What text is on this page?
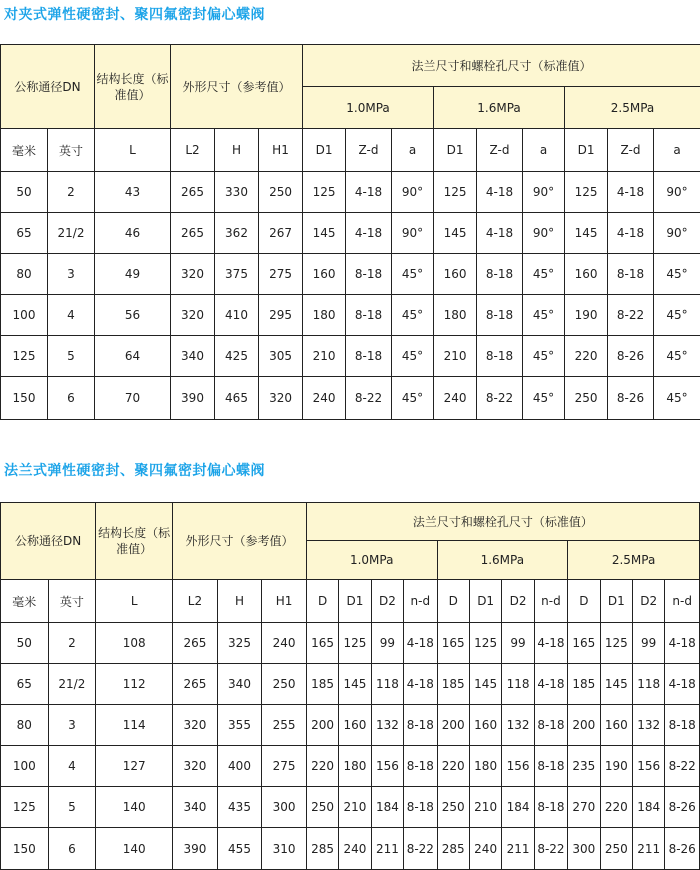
对夹式弹性硬密封、聚四氟密封偏心蝶阀
公称通径DN		结构长度（标准值）	外形尺寸（参考值）			法兰尺寸和螺栓孔尺寸（标准值）								
						1.0MPa			1.6MPa			2.5MPa		
毫米	英寸	L	L2	H	H1	D1	Z-d	a	D1	Z-d	a	D1	Z-d	a
50	2	43	265	330	250	125	4-18	90°	125	4-18	90°	125	4-18	90°
65	21/2	46	265	362	267	145	4-18	90°	145	4-18	90°	145	4-18	90°
80	3	49	320	375	275	160	8-18	45°	160	8-18	45°	160	8-18	45°
100	4	56	320	410	295	180	8-18	45°	180	8-18	45°	190	8-22	45°
125	5	64	340	425	305	210	8-18	45°	210	8-18	45°	220	8-26	45°
150	6	70	390	465	320	240	8-22	45°	240	8-22	45°	250	8-26	45°
法兰式弹性硬密封、聚四氟密封偏心蝶阀
公称通径DN		结构长度（标准值）	外形尺寸（参考值）			法兰尺寸和螺栓孔尺寸（标准值）											
						1.0MPa				1.6MPa				2.5MPa			
毫米	英寸	L	L2	H	H1	D	D1	D2	n-d	D	D1	D2	n-d	D	D1	D2	n-d
50	2	108	265	325	240	165	125	99	4-18	165	125	99	4-18	165	125	99	4-18
65	21/2	112	265	340	250	185	145	118	4-18	185	145	118	4-18	185	145	118	4-18
80	3	114	320	355	255	200	160	132	8-18	200	160	132	8-18	200	160	132	8-18
100	4	127	320	400	275	220	180	156	8-18	220	180	156	8-18	235	190	156	8-22
125	5	140	340	435	300	250	210	184	8-18	250	210	184	8-18	270	220	184	8-26
150	6	140	390	455	310	285	240	211	8-22	285	240	211	8-22	300	250	211	8-26
